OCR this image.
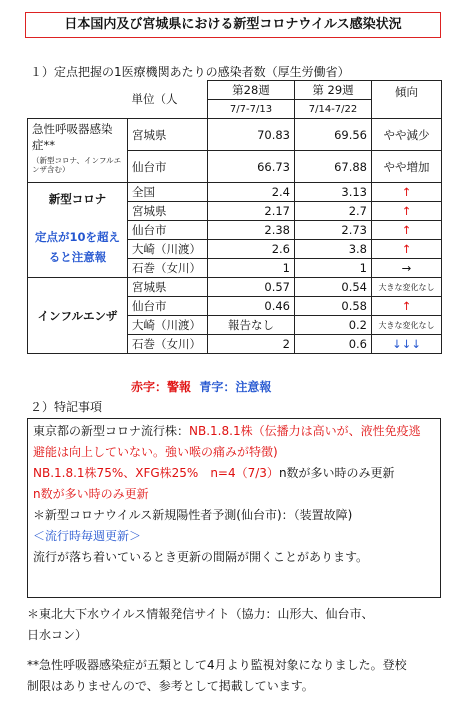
日本国内及び宮城県における新型コロナウイルス感染状況
１）定点把握の1医療機関あたりの感染者数（厚生労働省）
	単位（人	第28週	第 29週	傾向
		7/7-7/13	7/14-7/22	

急性呼吸器感染症**
（新型コロナ、インフルエンザ含む）	宮城県	70.83	69.56	やや減少
	仙台市	66.73	67.88	やや増加

新型コロナ
定点が10を超え
ると注意報	全国	2.4	3.13	↑
	宮城県	2.17	2.7	↑
	仙台市	2.38	2.73	↑
	大崎（川渡）	2.6	3.8	↑
	石巻（女川）	1	1	→
インフルエンザ	宮城県	0.57	0.54	大きな変化なし
	仙台市	0.46	0.58	↑
	大崎（川渡）	報告なし	0.2	大きな変化なし
	石巻（女川）	2	0.6	↓↓↓
赤字：警報 青字：注意報
２）特記事項
東京都の新型コロナ流行株：NB.1.8.1株（伝播力は高いが、液性免疫逃
避能は向上していない。強い喉の痛みが特徴)
NB.1.8.1株75%、XFG株25%　n=4（7/3）n数が多い時のみ更新
n数が多い時のみ更新
＊新型コロナウイルス新規陽性者予測(仙台市)：（装置故障)
＜流行時毎週更新＞
流行が落ち着いているとき更新の間隔が開くことがあります。
＊東北大下水ウイルス情報発信サイト（協力：山形大、仙台市、
日水コン）
**急性呼吸器感染症が五類として4月より監視対象になりました。登校
制限はありませんので、参考として掲載しています。
